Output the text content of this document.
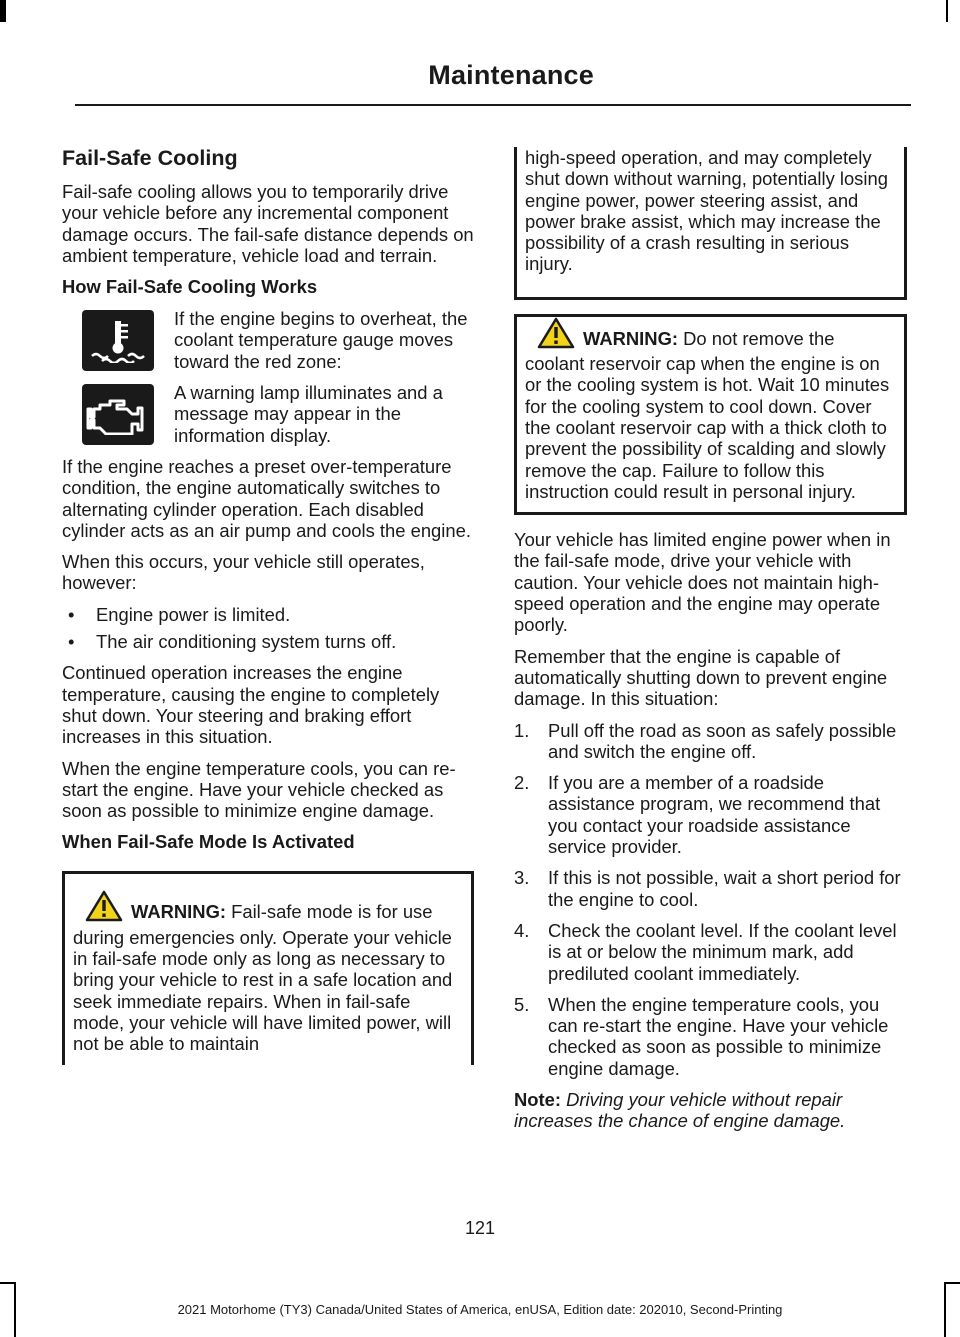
Maintenance
Fail-Safe Cooling

Fail-safe cooling allows you to temporarily drive your vehicle before any incremental component damage occurs. The fail-safe distance depends on ambient temperature, vehicle load and terrain.

How Fail-Safe Cooling Works
If the engine begins to overheat, the coolant temperature gauge moves toward the red zone:
A warning lamp illuminates and a message may appear in the information display.

If the engine reaches a preset over-temperature condition, the engine automatically switches to alternating cylinder operation. Each disabled cylinder acts as an air pump and cools the engine.

When this occurs, your vehicle still operates, however:

•	Engine power is limited.
•	The air conditioning system turns off.

Continued operation increases the engine temperature, causing the engine to completely shut down. Your steering and braking effort increases in this situation.

When the engine temperature cools, you can re-start the engine. Have your vehicle checked as soon as possible to minimize engine damage.

When Fail-Safe Mode Is Activated
WARNING: Fail-safe mode is for use during emergencies only. Operate your vehicle in fail-safe mode only as long as necessary to bring your vehicle to rest in a safe location and seek immediate repairs. When in fail-safe mode, your vehicle will have limited power, will not be able to maintain
high-speed operation, and may completely shut down without warning, potentially losing engine power, power steering assist, and power brake assist, which may increase the possibility of a crash resulting in serious injury.
WARNING: Do not remove the coolant reservoir cap when the engine is on or the cooling system is hot. Wait 10 minutes for the cooling system to cool down. Cover the coolant reservoir cap with a thick cloth to prevent the possibility of scalding and slowly remove the cap. Failure to follow this instruction could result in personal injury.

Your vehicle has limited engine power when in the fail-safe mode, drive your vehicle with caution. Your vehicle does not maintain high-speed operation and the engine may operate poorly.

Remember that the engine is capable of automatically shutting down to prevent engine damage. In this situation:

1.	Pull off the road as soon as safely possible and switch the engine off.
2.	If you are a member of a roadside assistance program, we recommend that you contact your roadside assistance service provider.
3.	If this is not possible, wait a short period for the engine to cool.
4.	Check the coolant level. If the coolant level is at or below the minimum mark, add prediluted coolant immediately.
5.	When the engine temperature cools, you can re-start the engine. Have your vehicle checked as soon as possible to minimize engine damage.

Note: Driving your vehicle without repair increases the chance of engine damage.

121
2021 Motorhome (TY3) Canada/United States of America, enUSA, Edition date: 202010, Second-Printing
